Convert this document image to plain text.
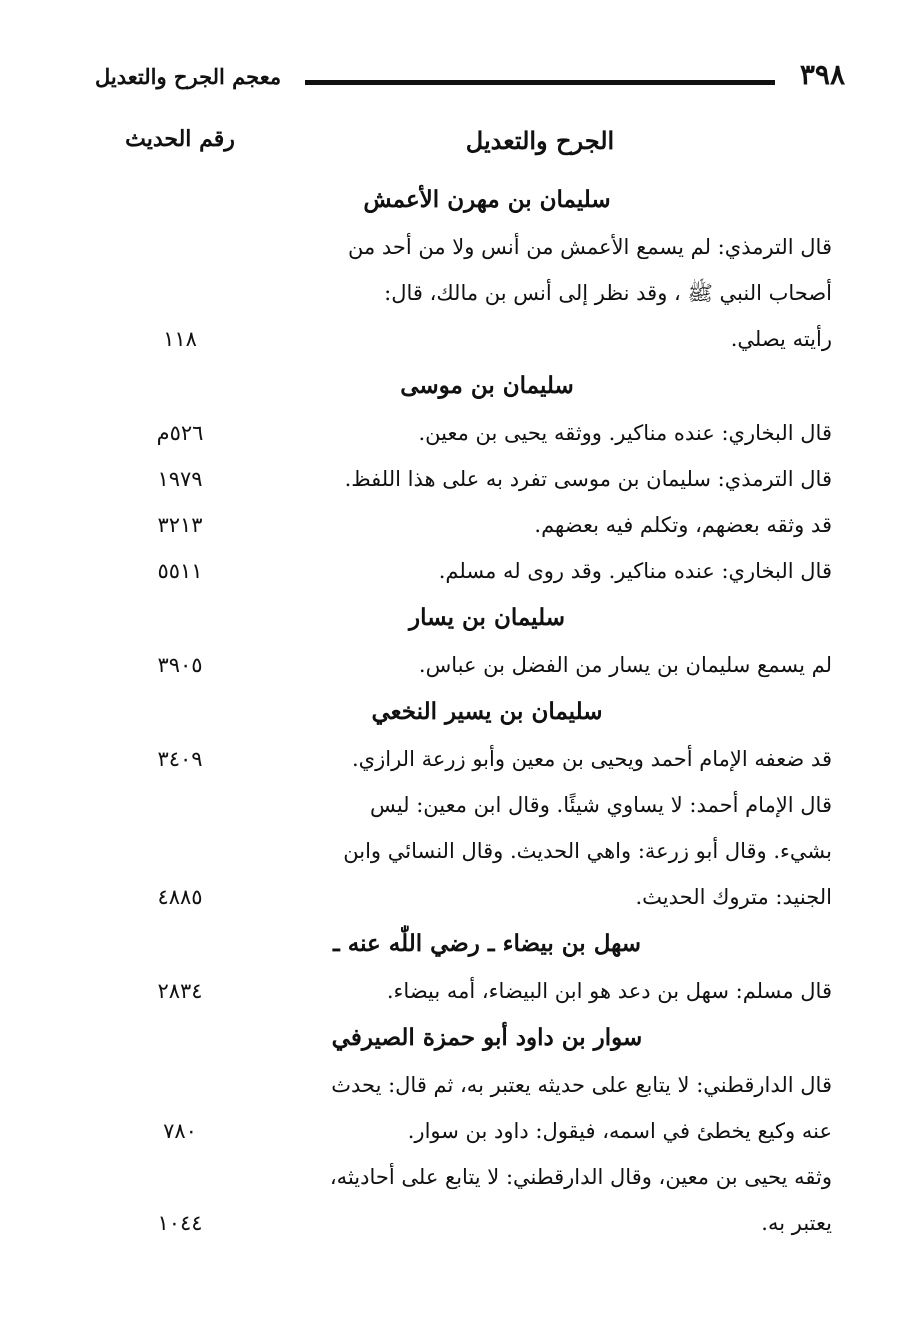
معجم الجرح والتعديل	٣٩٨
الجرح والتعديل
رقم الحديث
سليمان بن مهرن الأعمش
قال الترمذي: لم يسمع الأعمش من أنس ولا من أحد من
أصحاب النبي ﷺ ، وقد نظر إلى أنس بن مالك، قال:
رأيته يصلي.
١١٨
سليمان بن موسى
قال البخاري: عنده مناكير. ووثقه يحيى بن معين.
٥٢٦م
قال الترمذي: سليمان بن موسى تفرد به على هذا اللفظ.
١٩٧٩
قد وثقه بعضهم، وتكلم فيه بعضهم.
٣٢١٣
قال البخاري: عنده مناكير. وقد روى له مسلم.
٥٥١١
سليمان بن يسار
لم يسمع سليمان بن يسار من الفضل بن عباس.
٣٩٠٥
سليمان بن يسير النخعي
قد ضعفه الإمام أحمد ويحيى بن معين وأبو زرعة الرازي.
٣٤٠٩
قال الإمام أحمد: لا يساوي شيئًا. وقال ابن معين: ليس
بشيء. وقال أبو زرعة: واهي الحديث. وقال النسائي وابن
الجنيد: متروك الحديث.
٤٨٨٥
سهل بن بيضاء ـ رضي اللّٰه عنه ـ
قال مسلم: سهل بن دعد هو ابن البيضاء، أمه بيضاء.
٢٨٣٤
سوار بن داود أبو حمزة الصيرفي
قال الدارقطني: لا يتابع على حديثه يعتبر به، ثم قال: يحدث
عنه وكيع يخطئ في اسمه، فيقول: داود بن سوار.
٧٨٠
وثقه يحيى بن معين، وقال الدارقطني: لا يتابع على أحاديثه،
يعتبر به.
١٠٤٤
